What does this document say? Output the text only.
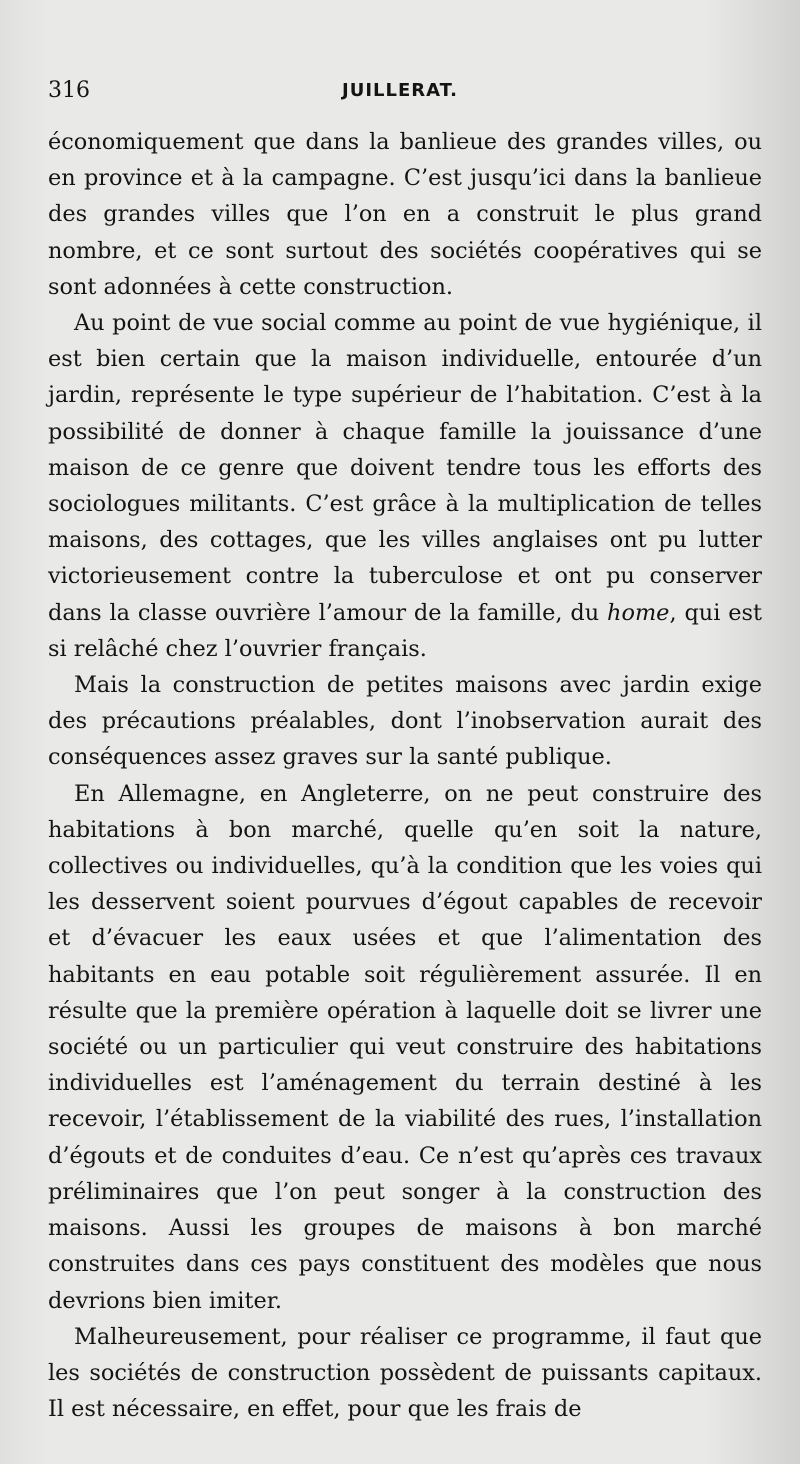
316	JUILLERAT.

économiquement que dans la banlieue des grandes villes, ou en province et à la campagne. C’est jusqu’ici dans la banlieue des grandes villes que l’on en a construit le plus grand nombre, et ce sont surtout des sociétés coopératives qui se sont adonnées à cette construction.

Au point de vue social comme au point de vue hygiénique, il est bien certain que la maison individuelle, entourée d’un jardin, représente le type supérieur de l’habitation. C’est à la possibilité de donner à chaque famille la jouissance d’une maison de ce genre que doivent tendre tous les efforts des sociologues militants. C’est grâce à la multiplication de telles maisons, des cottages, que les villes anglaises ont pu lutter victorieusement contre la tuberculose et ont pu conserver dans la classe ouvrière l’amour de la famille, du home, qui est si relâché chez l’ouvrier français.

Mais la construction de petites maisons avec jardin exige des précautions préalables, dont l’inobservation aurait des conséquences assez graves sur la santé publique.

En Allemagne, en Angleterre, on ne peut construire des habitations à bon marché, quelle qu’en soit la nature, collectives ou individuelles, qu’à la condition que les voies qui les desservent soient pourvues d’égout capables de recevoir et d’évacuer les eaux usées et que l’alimentation des habitants en eau potable soit régulièrement assurée. Il en résulte que la première opération à laquelle doit se livrer une société ou un particulier qui veut construire des habitations individuelles est l’aménagement du terrain destiné à les recevoir, l’établissement de la viabilité des rues, l’installation d’égouts et de conduites d’eau. Ce n’est qu’après ces travaux préliminaires que l’on peut songer à la construction des maisons. Aussi les groupes de maisons à bon marché construites dans ces pays constituent des modèles que nous devrions bien imiter.

Malheureusement, pour réaliser ce programme, il faut que les sociétés de construction possèdent de puissants capitaux. Il est nécessaire, en effet, pour que les frais de
